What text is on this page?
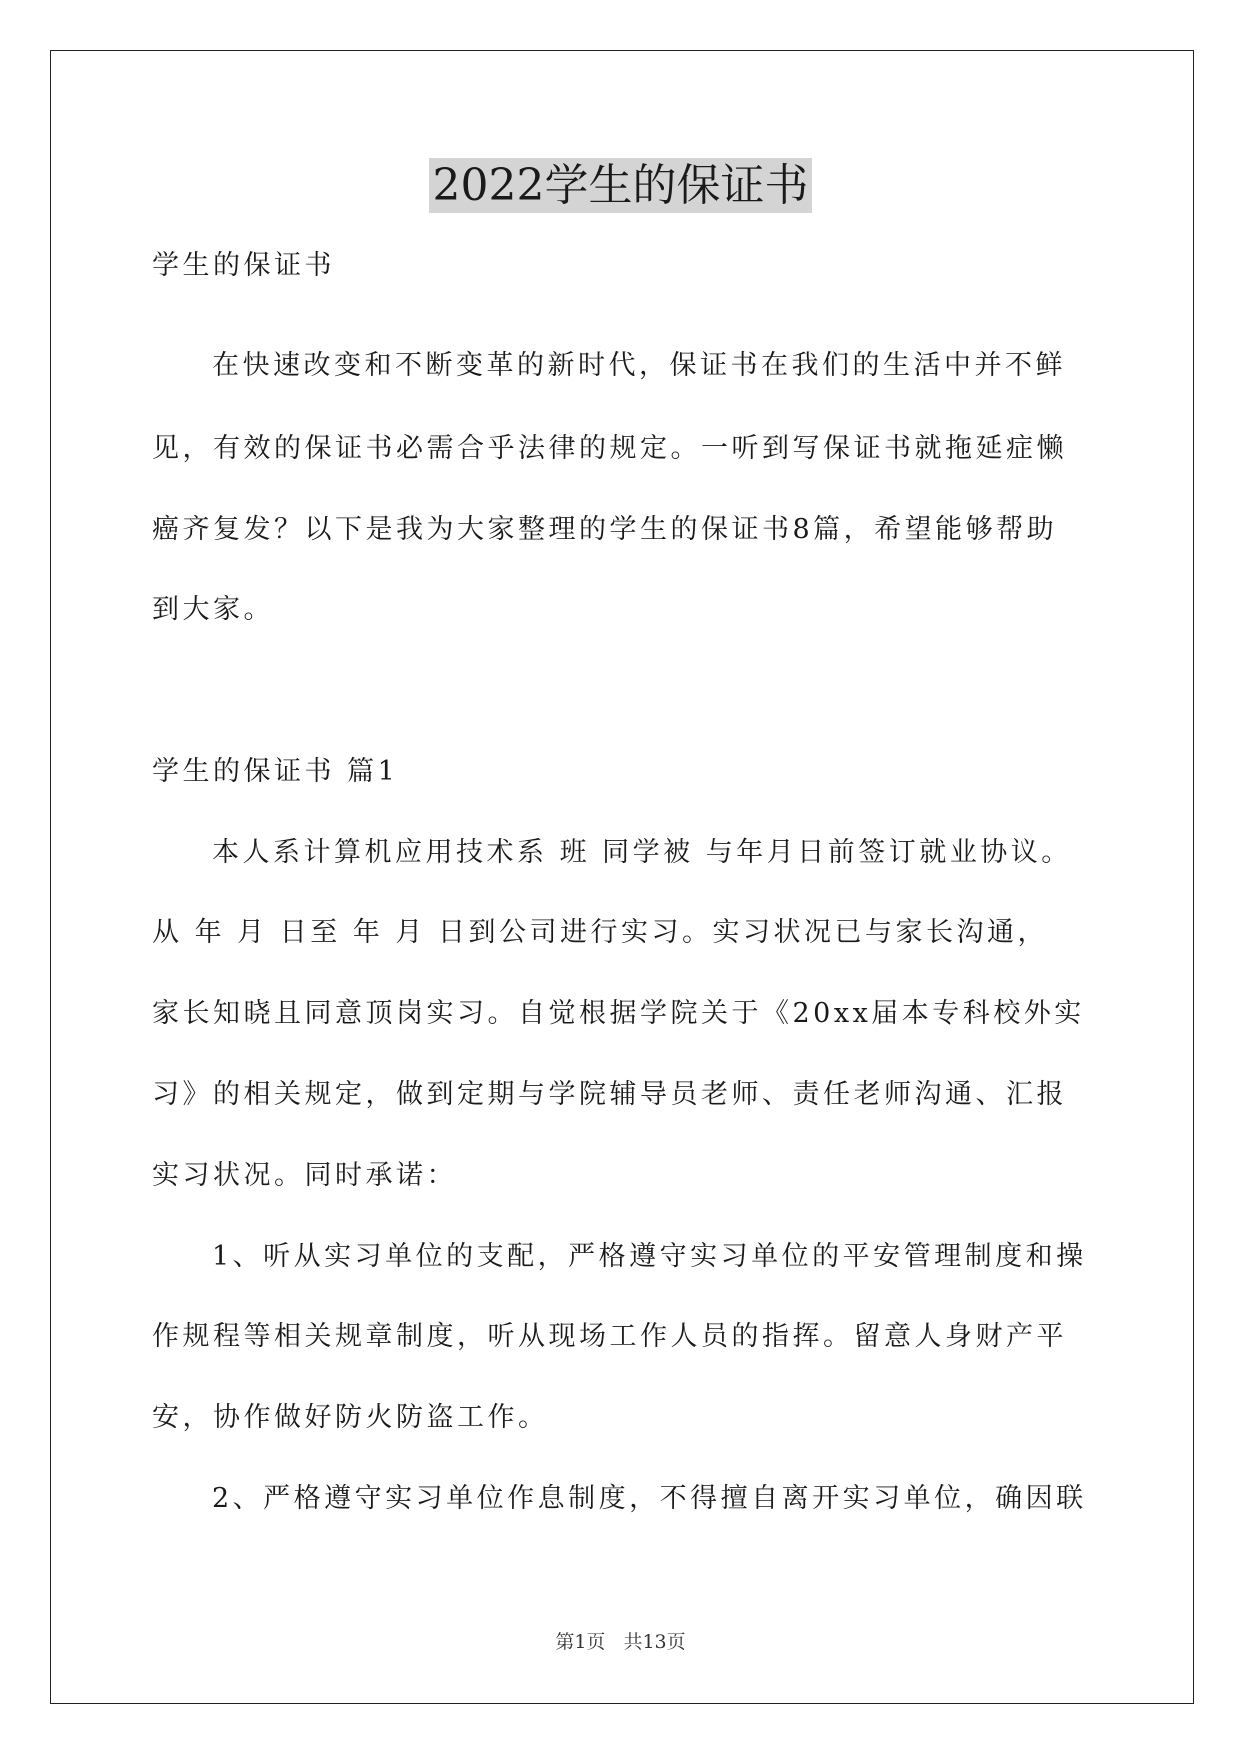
2022学生的保证书
学生的保证书
在快速改变和不断变革的新时代，保证书在我们的生活中并不鲜
见，有效的保证书必需合乎法律的规定。一听到写保证书就拖延症懒
癌齐复发？以下是我为大家整理的学生的保证书8篇，希望能够帮助
到大家。
学生的保证书 篇1
本人系计算机应用技术系 班 同学被 与年月日前签订就业协议。
从 年 月 日至 年 月 日到公司进行实习。实习状况已与家长沟通，
家长知晓且同意顶岗实习。自觉根据学院关于《20xx届本专科校外实
习》的相关规定，做到定期与学院辅导员老师、责任老师沟通、汇报
实习状况。同时承诺：
1、听从实习单位的支配，严格遵守实习单位的平安管理制度和操
作规程等相关规章制度，听从现场工作人员的指挥。留意人身财产平
安，协作做好防火防盗工作。
2、严格遵守实习单位作息制度，不得擅自离开实习单位，确因联
第1页 共13页
